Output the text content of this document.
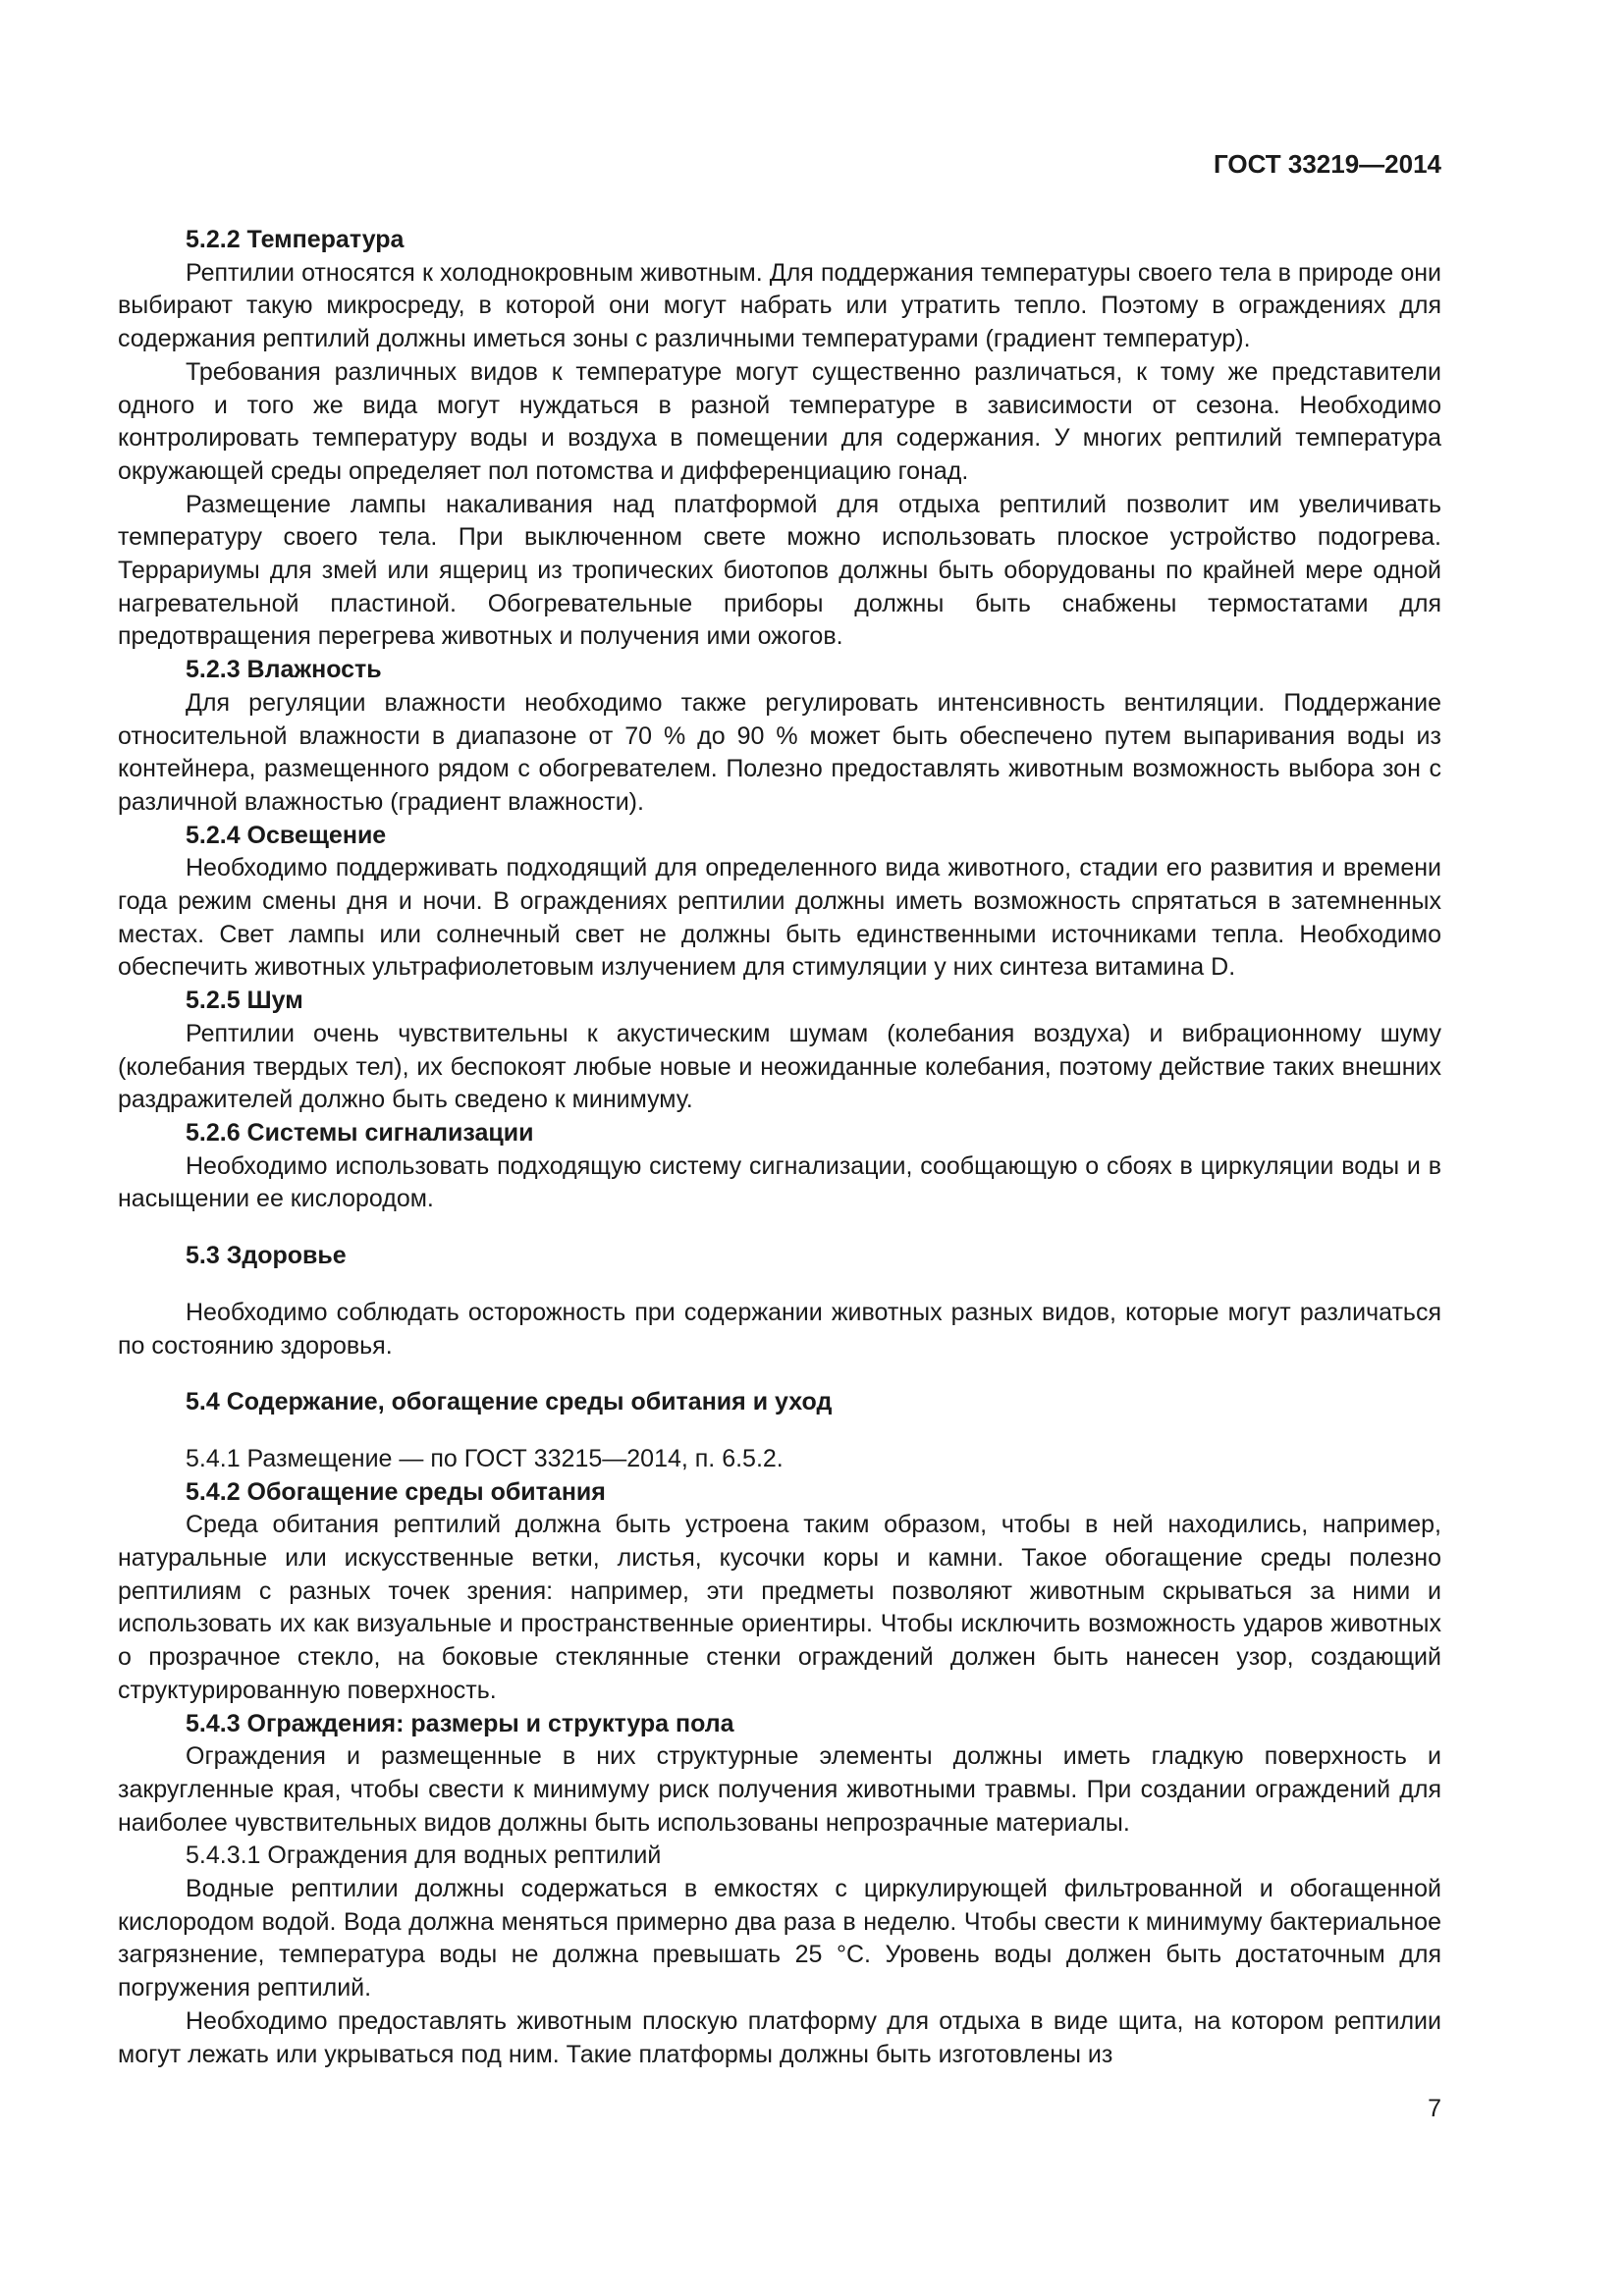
ГОСТ 33219—2014
5.2.2 Температура

Рептилии относятся к холоднокровным животным. Для поддержания температуры своего тела в природе они выбирают такую микросреду, в которой они могут набрать или утратить тепло. Поэтому в ограждениях для содержания рептилий должны иметься зоны с различными температурами (градиент температур).

Требования различных видов к температуре могут существенно различаться, к тому же представители одного и того же вида могут нуждаться в разной температуре в зависимости от сезона. Необходимо контролировать температуру воды и воздуха в помещении для содержания. У многих рептилий температура окружающей среды определяет пол потомства и дифференциацию гонад.

Размещение лампы накаливания над платформой для отдыха рептилий позволит им увеличивать температуру своего тела. При выключенном свете можно использовать плоское устройство подогрева. Террариумы для змей или ящериц из тропических биотопов должны быть оборудованы по крайней мере одной нагревательной пластиной. Обогревательные приборы должны быть снабжены термостатами для предотвращения перегрева животных и получения ими ожогов.

5.2.3 Влажность

Для регуляции влажности необходимо также регулировать интенсивность вентиляции. Поддержание относительной влажности в диапазоне от 70 % до 90 % может быть обеспечено путем выпаривания воды из контейнера, размещенного рядом с обогревателем. Полезно предоставлять животным возможность выбора зон с различной влажностью (градиент влажности).

5.2.4 Освещение

Необходимо поддерживать подходящий для определенного вида животного, стадии его развития и времени года режим смены дня и ночи. В ограждениях рептилии должны иметь возможность спрятаться в затемненных местах. Свет лампы или солнечный свет не должны быть единственными источниками тепла. Необходимо обеспечить животных ультрафиолетовым излучением для стимуляции у них синтеза витамина D.

5.2.5 Шум

Рептилии очень чувствительны к акустическим шумам (колебания воздуха) и вибрационному шуму (колебания твердых тел), их беспокоят любые новые и неожиданные колебания, поэтому действие таких внешних раздражителей должно быть сведено к минимуму.

5.2.6 Системы сигнализации

Необходимо использовать подходящую систему сигнализации, сообщающую о сбоях в циркуляции воды и в насыщении ее кислородом.

5.3 Здоровье

Необходимо соблюдать осторожность при содержании животных разных видов, которые могут различаться по состоянию здоровья.

5.4 Содержание, обогащение среды обитания и уход

5.4.1 Размещение — по ГОСТ 33215—2014, п. 6.5.2.

5.4.2 Обогащение среды обитания

Среда обитания рептилий должна быть устроена таким образом, чтобы в ней находились, например, натуральные или искусственные ветки, листья, кусочки коры и камни. Такое обогащение среды полезно рептилиям с разных точек зрения: например, эти предметы позволяют животным скрываться за ними и использовать их как визуальные и пространственные ориентиры. Чтобы исключить возможность ударов животных о прозрачное стекло, на боковые стеклянные стенки ограждений должен быть нанесен узор, создающий структурированную поверхность.

5.4.3 Ограждения: размеры и структура пола

Ограждения и размещенные в них структурные элементы должны иметь гладкую поверхность и закругленные края, чтобы свести к минимуму риск получения животными травмы. При создании ограждений для наиболее чувствительных видов должны быть использованы непрозрачные материалы.

5.4.3.1 Ограждения для водных рептилий

Водные рептилии должны содержаться в емкостях с циркулирующей фильтрованной и обогащенной кислородом водой. Вода должна меняться примерно два раза в неделю. Чтобы свести к минимуму бактериальное загрязнение, температура воды не должна превышать 25 °С. Уровень воды должен быть достаточным для погружения рептилий.

Необходимо предоставлять животным плоскую платформу для отдыха в виде щита, на котором рептилии могут лежать или укрываться под ним. Такие платформы должны быть изготовлены из

7
